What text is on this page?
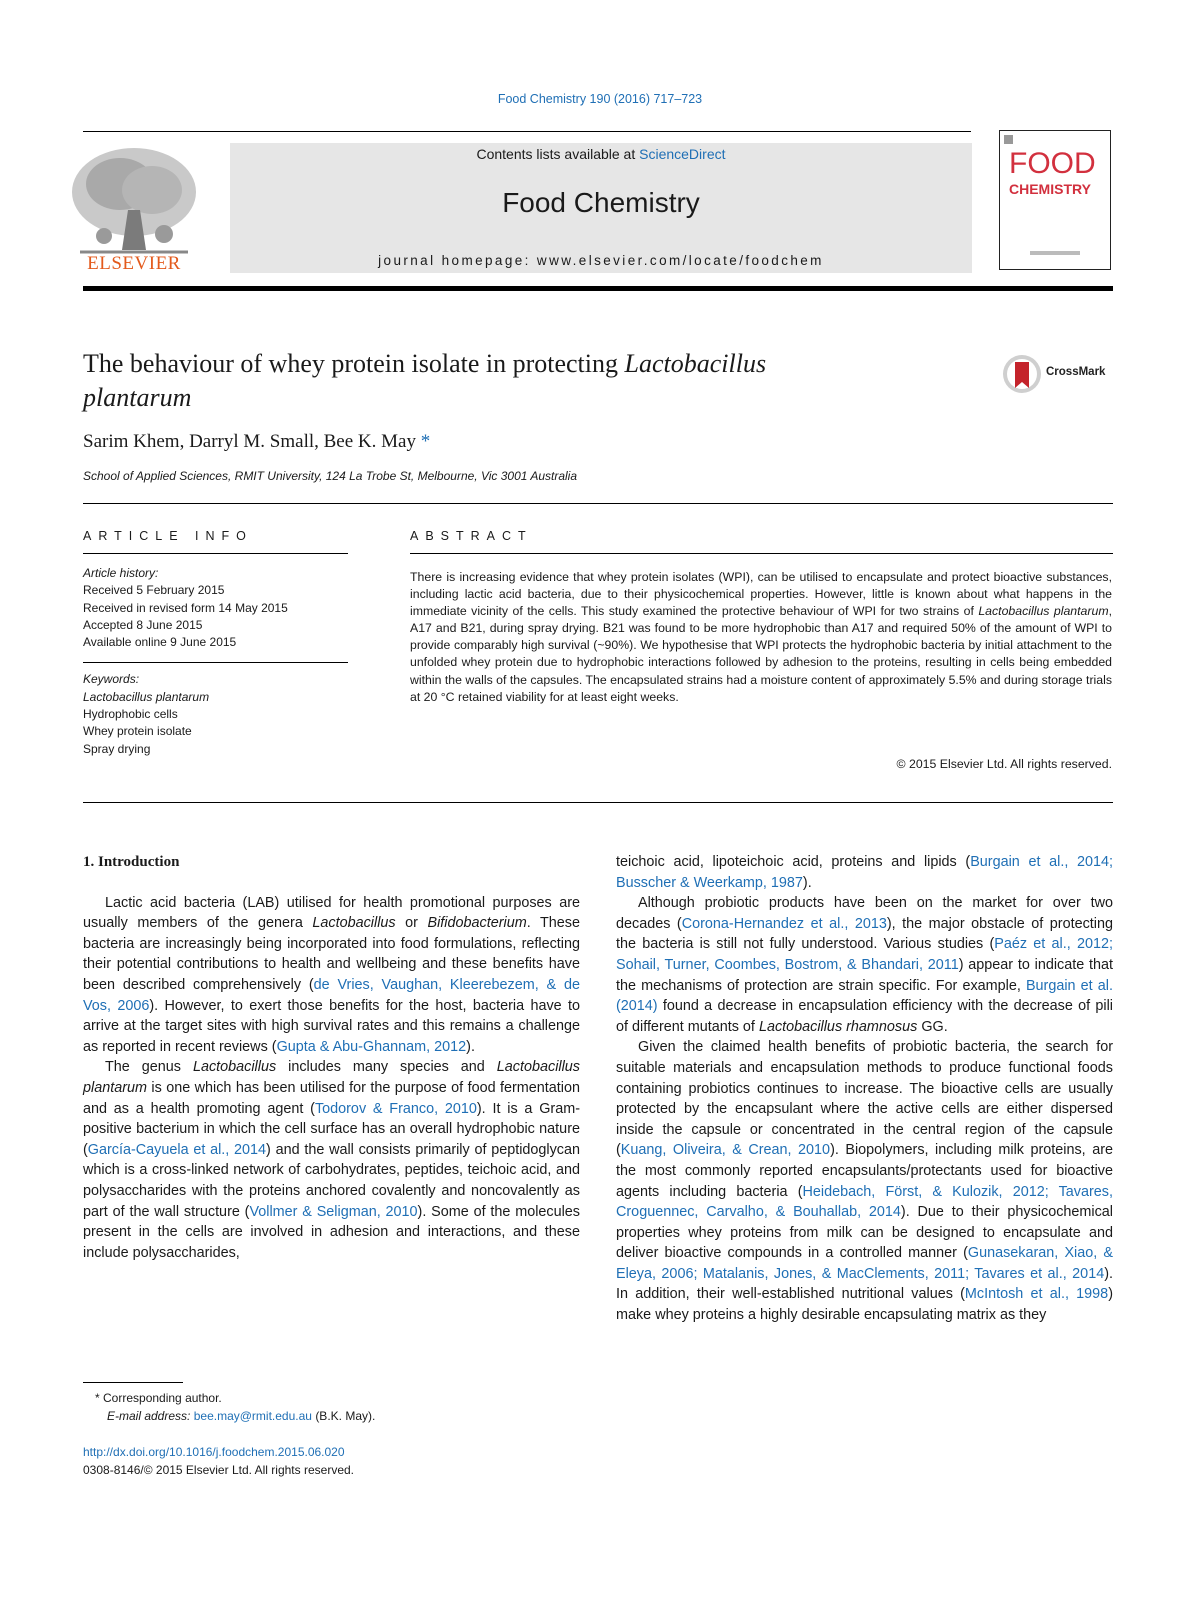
Food Chemistry 190 (2016) 717–723
ELSEVIER
Contents lists available at ScienceDirect
Food Chemistry
journal homepage: www.elsevier.com/locate/foodchem
FOOD
CHEMISTRY
The behaviour of whey protein isolate in protecting Lactobacillus
plantarum
CrossMark
Sarim Khem, Darryl M. Small, Bee K. May *
School of Applied Sciences, RMIT University, 124 La Trobe St, Melbourne, Vic 3001 Australia
ARTICLE INFO	ABSTRACT
Article history:
Received 5 February 2015
Received in revised form 14 May 2015
Accepted 8 June 2015
Available online 9 June 2015
Keywords:
Lactobacillus plantarum
Hydrophobic cells
Whey protein isolate
Spray drying
There is increasing evidence that whey protein isolates (WPI), can be utilised to encapsulate and protect bioactive substances, including lactic acid bacteria, due to their physicochemical properties. However, little is known about what happens in the immediate vicinity of the cells. This study examined the protective behaviour of WPI for two strains of Lactobacillus plantarum, A17 and B21, during spray drying. B21 was found to be more hydrophobic than A17 and required 50% of the amount of WPI to provide comparably high survival (~90%). We hypothesise that WPI protects the hydrophobic bacteria by initial attachment to the unfolded whey protein due to hydrophobic interactions followed by adhesion to the proteins, resulting in cells being embedded within the walls of the capsules. The encapsulated strains had a moisture content of approximately 5.5% and during storage trials at 20 °C retained viability for at least eight weeks.
© 2015 Elsevier Ltd. All rights reserved.

1. Introduction

Lactic acid bacteria (LAB) utilised for health promotional purposes are usually members of the genera Lactobacillus or Bifidobacterium. These bacteria are increasingly being incorporated into food formulations, reflecting their potential contributions to health and wellbeing and these benefits have been described comprehensively (de Vries, Vaughan, Kleerebezem, & de Vos, 2006). However, to exert those benefits for the host, bacteria have to arrive at the target sites with high survival rates and this remains a challenge as reported in recent reviews (Gupta & Abu-Ghannam, 2012).

The genus Lactobacillus includes many species and Lactobacillus plantarum is one which has been utilised for the purpose of food fermentation and as a health promoting agent (Todorov & Franco, 2010). It is a Gram-positive bacterium in which the cell surface has an overall hydrophobic nature (García-Cayuela et al., 2014) and the wall consists primarily of peptidoglycan which is a cross-linked network of carbohydrates, peptides, teichoic acid, and polysaccharides with the proteins anchored covalently and noncovalently as part of the wall structure (Vollmer & Seligman, 2010). Some of the molecules present in the cells are involved in adhesion and interactions, and these include polysaccharides,

teichoic acid, lipoteichoic acid, proteins and lipids (Burgain et al., 2014; Busscher & Weerkamp, 1987).

Although probiotic products have been on the market for over two decades (Corona-Hernandez et al., 2013), the major obstacle of protecting the bacteria is still not fully understood. Various studies (Paéz et al., 2012; Sohail, Turner, Coombes, Bostrom, & Bhandari, 2011) appear to indicate that the mechanisms of protection are strain specific. For example, Burgain et al. (2014) found a decrease in encapsulation efficiency with the decrease of pili of different mutants of Lactobacillus rhamnosus GG.

Given the claimed health benefits of probiotic bacteria, the search for suitable materials and encapsulation methods to produce functional foods containing probiotics continues to increase. The bioactive cells are usually protected by the encapsulant where the active cells are either dispersed inside the capsule or concentrated in the central region of the capsule (Kuang, Oliveira, & Crean, 2010). Biopolymers, including milk proteins, are the most commonly reported encapsulants/protectants used for bioactive agents including bacteria (Heidebach, Först, & Kulozik, 2012; Tavares, Croguennec, Carvalho, & Bouhallab, 2014). Due to their physicochemical properties whey proteins from milk can be designed to encapsulate and deliver bioactive compounds in a controlled manner (Gunasekaran, Xiao, & Eleya, 2006; Matalanis, Jones, & MacClements, 2011; Tavares et al., 2014). In addition, their well-established nutritional values (McIntosh et al., 1998) make whey proteins a highly desirable encapsulating matrix as they

* Corresponding author.
E-mail address: bee.may@rmit.edu.au (B.K. May).
http://dx.doi.org/10.1016/j.foodchem.2015.06.020
0308-8146/© 2015 Elsevier Ltd. All rights reserved.
